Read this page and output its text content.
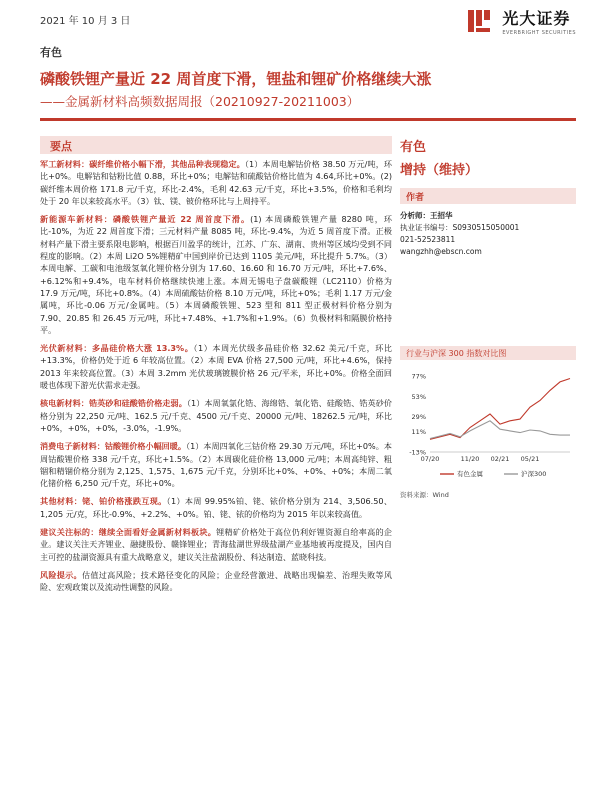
2021 年 10 月 3 日	光大证券
EVERBRIGHT SECURITIES
有色
磷酸铁锂产量近 22 周首度下滑，锂盐和锂矿价格继续大涨
——金属新材料高频数据周报（20210927-20211003）
要点

军工新材料：碳纤维价格小幅下滑，其他品种表现稳定。（1）本周电解钴价格 38.50 万元/吨，环比+0%。电解钴和钴粉比值 0.88，环比+0%；电解钴和硫酸钴价格比值为 4.64,环比+0%。(2) 碳纤维本周价格 171.8 元/千克，环比-2.4%，毛利 42.63 元/千克，环比+3.5%，价格和毛利均处于 20 年以来较高水平。（3）钛、镁、铍价格环比与上周持平。

新能源车新材料：磷酸铁锂产量近 22 周首度下滑。(1) 本周磷酸铁锂产量 8280 吨，环比-10%，为近 22 周首度下滑；三元材料产量 8085 吨，环比-9.4%，为近 5 周首度下滑。正极材料产量下滑主要系限电影响，根据百川盈孚的统计，江苏、广东、湖南、贵州等区域均受到不同程度的影响。（2）本周 Li2O 5%锂精矿中国到岸价已达到 1105 美元/吨，环比提升 5.7%。（3）本周电解、工碳和电池级氢氧化锂价格分别为 17.60、16.60 和 16.70 万元/吨，环比+7.6%、+6.12%和+9.4%，电车材料价格继续快速上涨。本周无锡电子盘碳酸锂（LC2110）价格为 17.9 万元/吨，环比+0.8%。（4）本周硫酸钴价格 8.10 万元/吨，环比+0%；毛利 1.17 万元/金属吨，环比-0.06 万元/金属吨。（5）本周磷酸铁锂、523 型和 811 型正极材料价格分别为 7.90、20.85 和 26.45 万元/吨，环比+7.48%、+1.7%和+1.9%。（6）负极材料和隔膜价格持平。

光伏新材料：多晶硅价格大涨 13.3%。（1）本周光伏级多晶硅价格 32.62 美元/千克，环比+13.3%，价格仍处于近 6 年较高位置。（2）本周 EVA 价格 27,500 元/吨，环比+4.6%，保持 2013 年来较高位置。（3）本周 3.2mm 光伏玻璃镀膜价格 26 元/平米，环比+0%。价格全面回暖也体现下游光伏需求走强。

核电新材料：锆英砂和硅酸锆价格走弱。（1）本周氧氯化锆、海绵锆、氧化锆、硅酸锆、锆英砂价格分别为 22,250 元/吨、162.5 元/千克、4500 元/千克、20000 元/吨、18262.5 元/吨，环比+0%，+0%，+0%，-3.0%，-1.9%。

消费电子新材料：钴酸锂价格小幅回暖。（1）本周四氧化三钴价格 29.30 万元/吨，环比+0%。本周钴酸锂价格 338 元/千克，环比+1.5%。（2）本周碳化硅价格 13,000 元/吨；本周高纯锌、粗锢和精锢价格分别为 2,125、1,575、1,675 元/千克，分别环比+0%、+0%、+0%；本周二氧化锗价格 6,250 元/千克，环比+0%。

其他材料：铑、铂价格涨跌互现。（1）本周 99.95%铂、铑、铱价格分别为 214、3,506.50、1,205 元/克，环比-0.9%、+2.2%、+0%。铂、铑、铱的价格均为 2015 年以来较高值。

建议关注标的：继续全面看好金属新材料板块。锂精矿价格处于高位仍利好锂资源自给率高的企业。建议关注天齐锂业、融捷股份、赣锋锂业；青海盐湖世界级盐湖产业基地被再度提及，国内自主可控的盐湖资源具有重大战略意义，建议关注盐湖股份、科达制造、蓝晓科技。

风险提示。估值过高风险；技术路径变化的风险；企业经营激进、战略出现偏差、治理失败等风险、宏观政策以及流动性调整的风险。

有色
增持（维持）
作者
分析师：王招华
执业证书编号：S0930515050001
021-52523811
wangzhh@ebscn.com
行业与沪深 300 指数对比图
77%
53%
29%
11%
-13%
07/20	11/20 02/21 05/21
有色金属	沪深300
资料来源：Wind
